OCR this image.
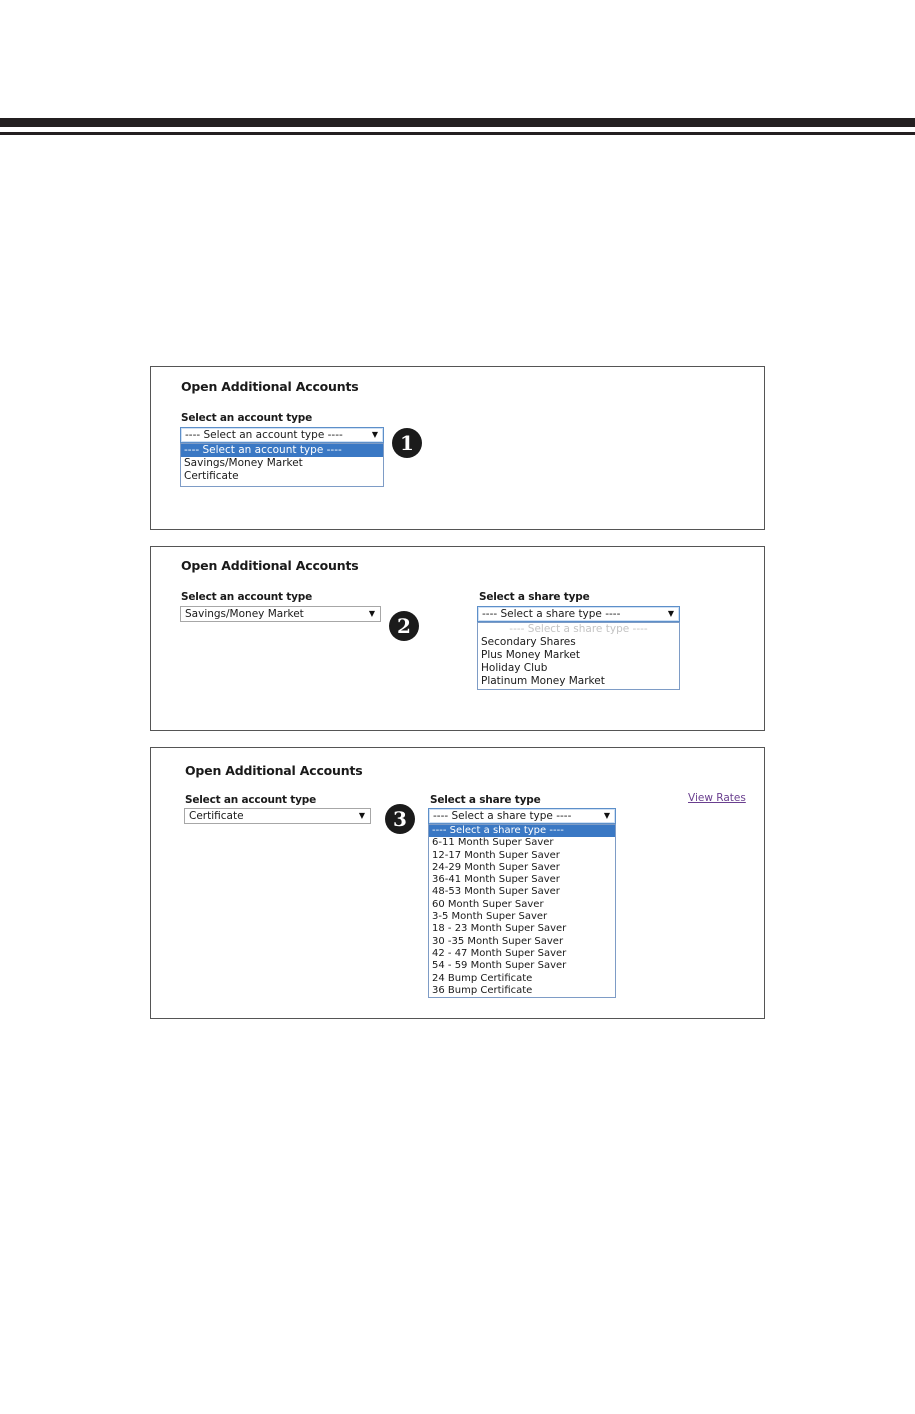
Open Additional Accounts
Select an account type
---- Select an account type ----	▼
---- Select an account type ----
Savings/Money Market
Certificate
1
Open Additional Accounts
Select an account type
Savings/Money Market	▼
2
Select a share type
---- Select a share type ----	▼
---- Select a share type ----
Secondary Shares
Plus Money Market
Holiday Club
Platinum Money Market
Open Additional Accounts
Select an account type
Certificate	▼	3
Select a share type
---- Select a share type ----	▼
---- Select a share type ----
6-11 Month Super Saver
12-17 Month Super Saver
24-29 Month Super Saver
36-41 Month Super Saver
48-53 Month Super Saver
60 Month Super Saver
3-5 Month Super Saver
18 - 23 Month Super Saver
30 -35 Month Super Saver
42 - 47 Month Super Saver
54 - 59 Month Super Saver
24 Bump Certificate
36 Bump Certificate
View Rates
